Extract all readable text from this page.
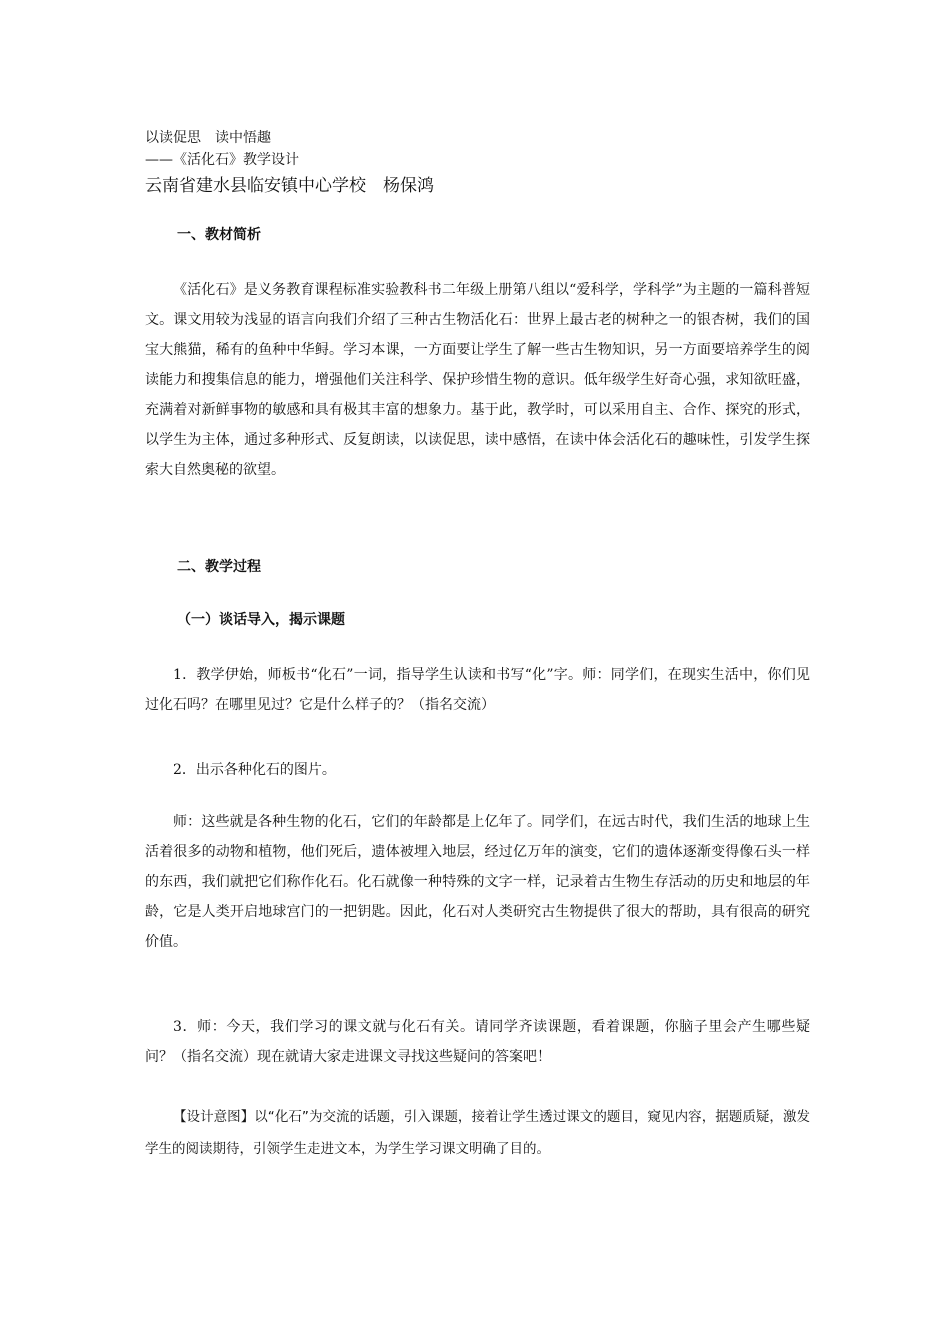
以读促思　读中悟趣
——《活化石》教学设计
云南省建水县临安镇中心学校　杨保鸿
一、教材简析
《活化石》是义务教育课程标准实验教科书二年级上册第八组以“爱科学，学科学”为主题的一篇科普短文。课文用较为浅显的语言向我们介绍了三种古生物活化石：世界上最古老的树种之一的银杏树，我们的国宝大熊猫，稀有的鱼种中华鲟。学习本课，一方面要让学生了解一些古生物知识，另一方面要培养学生的阅读能力和搜集信息的能力，增强他们关注科学、保护珍惜生物的意识。低年级学生好奇心强，求知欲旺盛，充满着对新鲜事物的敏感和具有极其丰富的想象力。基于此，教学时，可以采用自主、合作、探究的形式，以学生为主体，通过多种形式、反复朗读，以读促思，读中感悟，在读中体会活化石的趣味性，引发学生探索大自然奥秘的欲望。
二、教学过程
（一）谈话导入，揭示课题
1．教学伊始，师板书“化石”一词，指导学生认读和书写“化”字。师：同学们，在现实生活中，你们见过化石吗？在哪里见过？它是什么样子的？（指名交流）
2．出示各种化石的图片。
师：这些就是各种生物的化石，它们的年龄都是上亿年了。同学们，在远古时代，我们生活的地球上生活着很多的动物和植物，他们死后，遗体被埋入地层，经过亿万年的演变，它们的遗体逐渐变得像石头一样的东西，我们就把它们称作化石。化石就像一种特殊的文字一样，记录着古生物生存活动的历史和地层的年龄，它是人类开启地球宫门的一把钥匙。因此，化石对人类研究古生物提供了很大的帮助，具有很高的研究价值。
3．师：今天，我们学习的课文就与化石有关。请同学齐读课题，看着课题，你脑子里会产生哪些疑问？（指名交流）现在就请大家走进课文寻找这些疑问的答案吧！
【设计意图】以“化石”为交流的话题，引入课题，接着让学生透过课文的题目，窥见内容，据题质疑，激发学生的阅读期待，引领学生走进文本，为学生学习课文明确了目的。
